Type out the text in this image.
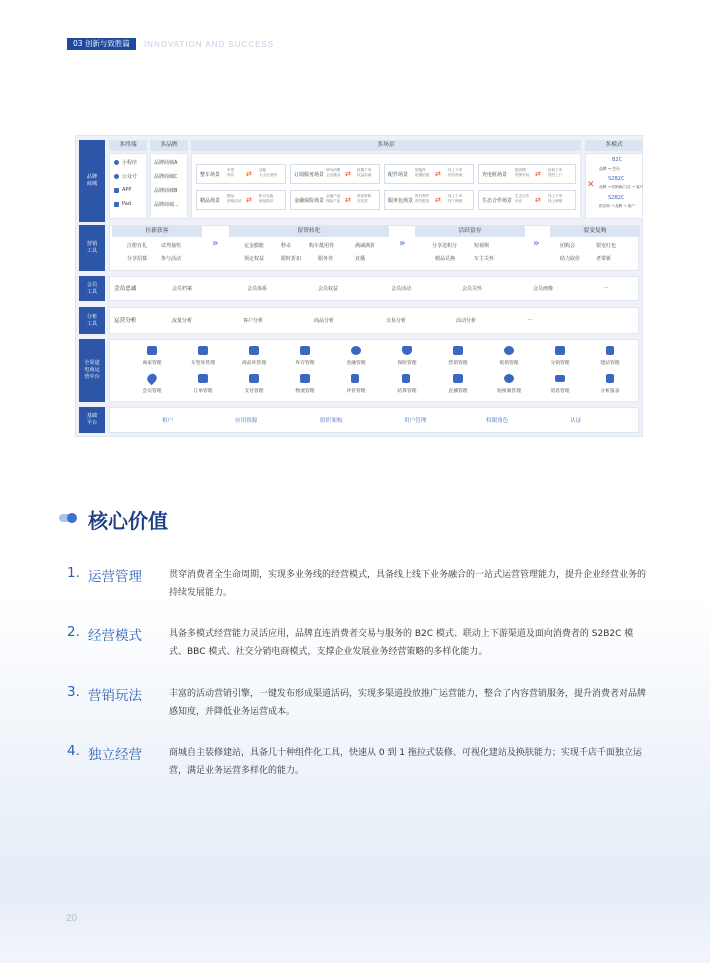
03 创新与致胜篇	INNOVATION AND SUCCESS
品牌
商城
多终端
小程序
公众号
APP
Pad
多品牌
品牌商城A
品牌商城C
品牌商城B
品牌商城...
多场景
整车场景
车型
库存 ⇄ 选配
大小定规则	订阅服务场景
SPU消费
会员激活 ⇄ 按期下单
权益扣减	配件场景
智能件
配置拓展 ⇄ 线上下单
现代物流	充电桩场景
配套模
型保安装 ⇄ 检验下单
预约上门
精品场景
精品
营销活动 ⇄ 积分兑换
商品推荐	金融保险场景
金融产品
保险产品 ⇄ 资质审核
在线签	服务包场景
售后养护
预约服务 ⇄ 线上下单
线下核销	生态合作场景
生态合作
伙伴	⇄ 线上下单
线上核销
多模式
✕
B2C
品牌 → 会员
S2B2C
品牌 → 经销商/门店 → 客户
S2B2C
供应商 → 品牌 → 客户
营销
工具
拉新获客
注册有礼	试驾抽奖
分享招募	参与活动
»
留资转化
定金膨胀	秒杀	购车抵用券	满减满折
预定权益	限时折扣	服务券	直播
»
活跃留存
分享送积分	短视频
精品兑换	车主关怀
»
裂变复购
团购会	裂变红包
助力砍价	老带新
会员
工具	会员忠诚	会员档案	会员体系	会员权益	会员活动	会员关怀	会员画像	...
分析
工具	运营分析	流量分析	客户分析	商品分析	交易分析	活动分析	...
全渠道
电商运
营中台
商家管理	车型库管理	商品库管理	库存管理	金融管理	保险管理	营销管理	促销管理	分销管理	建站管理
会员管理	订单管理	支付管理	物流管理	评价管理	结算管理	直播管理	短视频管理	消息管理	分析报表
基础
平台	租户	应用资源	组织架构	用户管理	权限角色	认证
核心价值
1. 运营管理	贯穿消费者全生命周期，实现多业务线的经营模式，具备线上线下业务融合的一站式运营管理能力，提升企业经营业务的持续发展能力。
2. 经营模式	具备多模式经营能力灵活应用，品牌直连消费者交易与服务的 B2C 模式、联动上下游渠道及面向消费者的 S2B2C 模式、BBC 模式、社交分销电商模式，支撑企业发展业务经营策略的多样化能力。
3. 营销玩法	丰富的活动营销引擎，一键发布形成渠道活码，实现多渠道投放推广运营能力，整合了内容营销服务，提升消费者对品牌感知度，并降低业务运营成本。
4. 独立经营	商城自主装修建站，具备几十种组件化工具，快速从 0 到 1 拖拉式装修、可视化建站及换肤能力；实现千店千面独立运营，满足业务运营多样化的能力。
20
